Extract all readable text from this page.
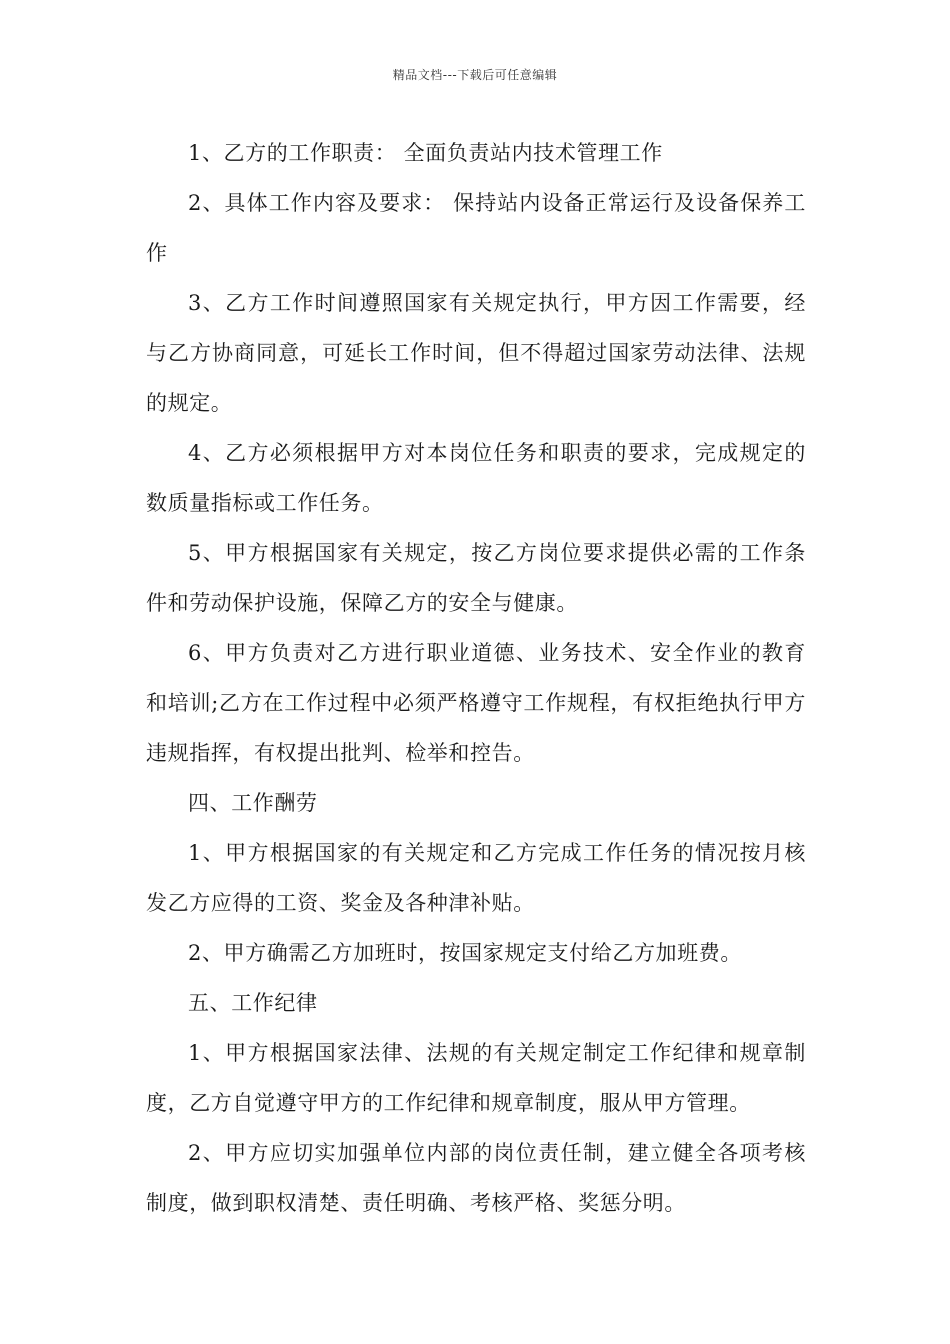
精品文档---下载后可任意编辑

1、乙方的工作职责： 全面负责站内技术管理工作

2、具体工作内容及要求： 保持站内设备正常运行及设备保养工作

3、乙方工作时间遵照国家有关规定执行，甲方因工作需要，经与乙方协商同意，可延长工作时间，但不得超过国家劳动法律、法规的规定。

4、乙方必须根据甲方对本岗位任务和职责的要求，完成规定的数质量指标或工作任务。

5、甲方根据国家有关规定，按乙方岗位要求提供必需的工作条件和劳动保护设施，保障乙方的安全与健康。

6、甲方负责对乙方进行职业道德、业务技术、安全作业的教育和培训;乙方在工作过程中必须严格遵守工作规程，有权拒绝执行甲方违规指挥，有权提出批判、检举和控告。

四、工作酬劳

1、甲方根据国家的有关规定和乙方完成工作任务的情况按月核发乙方应得的工资、奖金及各种津补贴。

2、甲方确需乙方加班时，按国家规定支付给乙方加班费。

五、工作纪律

1、甲方根据国家法律、法规的有关规定制定工作纪律和规章制度，乙方自觉遵守甲方的工作纪律和规章制度，服从甲方管理。

2、甲方应切实加强单位内部的岗位责任制，建立健全各项考核制度，做到职权清楚、责任明确、考核严格、奖惩分明。
